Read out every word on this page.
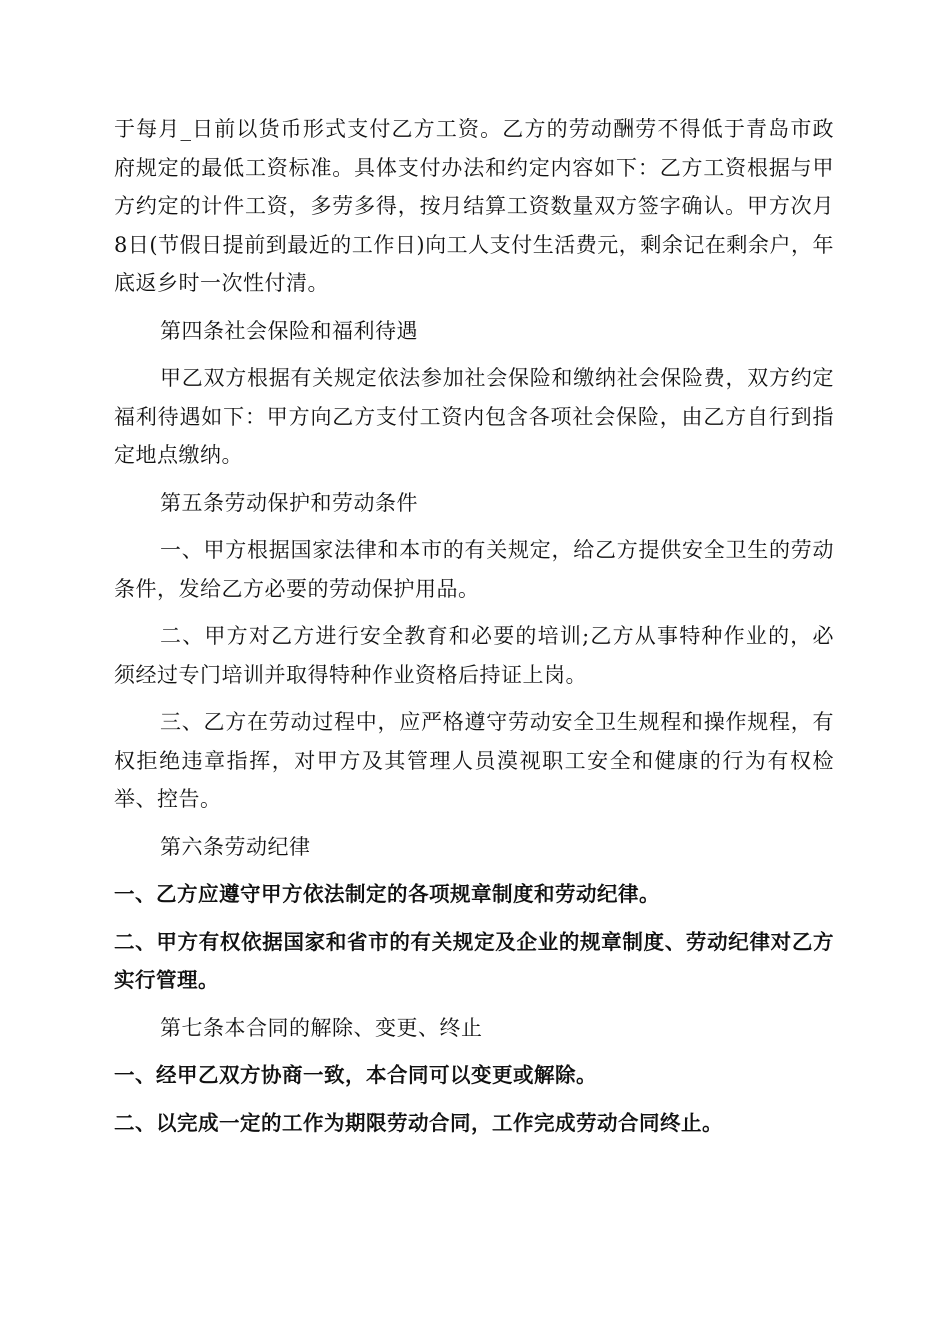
于每月_日前以货币形式支付乙方工资。乙方的劳动酬劳不得低于青岛市政府规定的最低工资标准。具体支付办法和约定内容如下：乙方工资根据与甲方约定的计件工资，多劳多得，按月结算工资数量双方签字确认。甲方次月8日(节假日提前到最近的工作日)向工人支付生活费元，剩余记在剩余户，年底返乡时一次性付清。

第四条社会保险和福利待遇

甲乙双方根据有关规定依法参加社会保险和缴纳社会保险费，双方约定福利待遇如下：甲方向乙方支付工资内包含各项社会保险，由乙方自行到指定地点缴纳。

第五条劳动保护和劳动条件

一、甲方根据国家法律和本市的有关规定，给乙方提供安全卫生的劳动条件，发给乙方必要的劳动保护用品。

二、甲方对乙方进行安全教育和必要的培训;乙方从事特种作业的，必须经过专门培训并取得特种作业资格后持证上岗。

三、乙方在劳动过程中，应严格遵守劳动安全卫生规程和操作规程，有权拒绝违章指挥，对甲方及其管理人员漠视职工安全和健康的行为有权检举、控告。

第六条劳动纪律

一、乙方应遵守甲方依法制定的各项规章制度和劳动纪律。

二、甲方有权依据国家和省市的有关规定及企业的规章制度、劳动纪律对乙方实行管理。

第七条本合同的解除、变更、终止

一、经甲乙双方协商一致，本合同可以变更或解除。

二、以完成一定的工作为期限劳动合同，工作完成劳动合同终止。
